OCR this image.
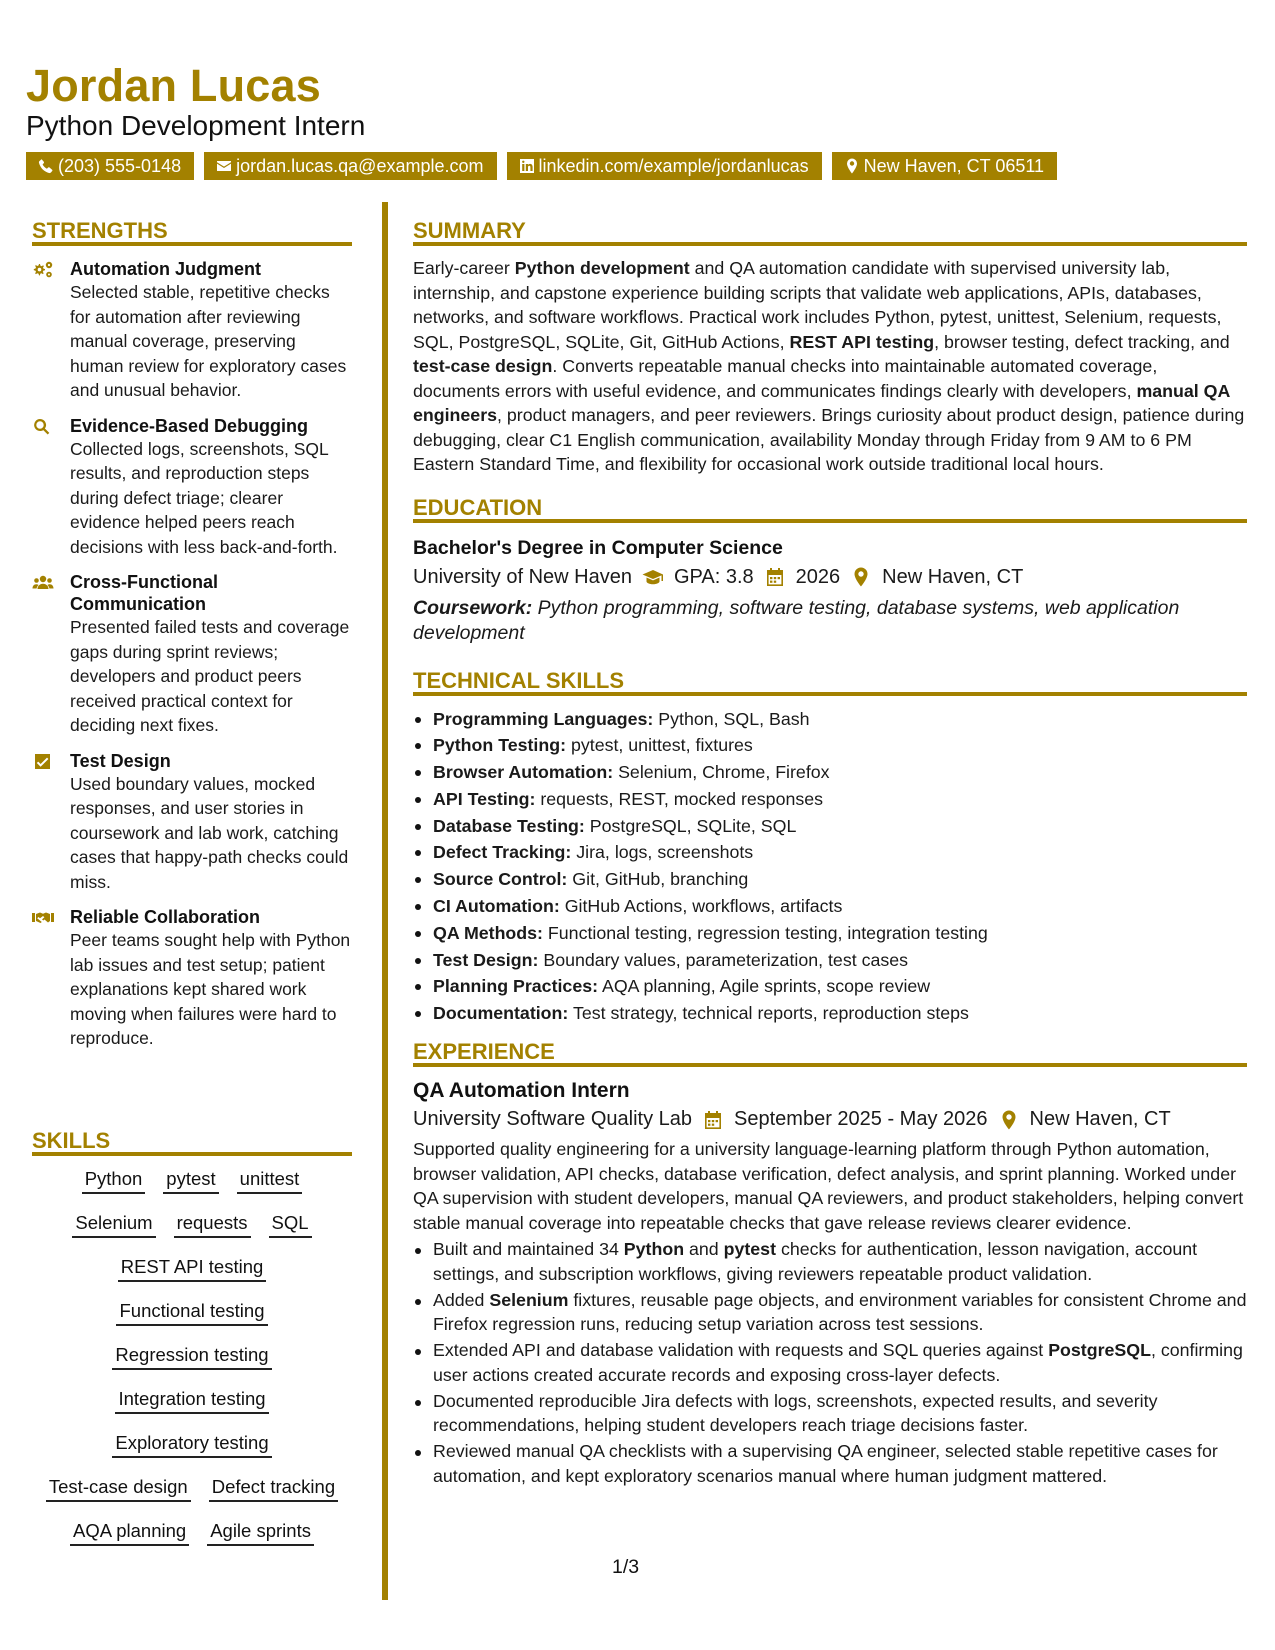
Jordan Lucas
Python Development Intern
(203) 555-0148	jordan.lucas.qa@example.com	linkedin.com/example/jordanlucas	New Haven, CT 06511
STRENGTHS
Automation Judgment
Selected stable, repetitive checks for automation after reviewing manual coverage, preserving human review for exploratory cases and unusual behavior.
Evidence-Based Debugging
Collected logs, screenshots, SQL results, and reproduction steps during defect triage; clearer evidence helped peers reach decisions with less back-and-forth.
Cross-Functional Communication
Presented failed tests and coverage gaps during sprint reviews; developers and product peers received practical context for deciding next fixes.
Test Design
Used boundary values, mocked responses, and user stories in coursework and lab work, catching cases that happy-path checks could miss.
Reliable Collaboration
Peer teams sought help with Python lab issues and test setup; patient explanations kept shared work moving when failures were hard to reproduce.
SKILLS
Python pytest unittest
Selenium requests SQL
REST API testing
Functional testing
Regression testing
Integration testing
Exploratory testing
Test-case design Defect tracking
AQA planning Agile sprints
SUMMARY
Early-career Python development and QA automation candidate with supervised university lab, internship, and capstone experience building scripts that validate web applications, APIs, databases, networks, and software workflows. Practical work includes Python, pytest, unittest, Selenium, requests, SQL, PostgreSQL, SQLite, Git, GitHub Actions, REST API testing, browser testing, defect tracking, and test-case design. Converts repeatable manual checks into maintainable automated coverage, documents errors with useful evidence, and communicates findings clearly with developers, manual QA engineers, product managers, and peer reviewers. Brings curiosity about product design, patience during debugging, clear C1 English communication, availability Monday through Friday from 9 AM to 6 PM Eastern Standard Time, and flexibility for occasional work outside traditional local hours.
EDUCATION
Bachelor's Degree in Computer Science
University of New Haven GPA: 3.8 2026 New Haven, CT
Coursework: Python programming, software testing, database systems, web application development
TECHNICAL SKILLS
Programming Languages: Python, SQL, Bash
Python Testing: pytest, unittest, fixtures
Browser Automation: Selenium, Chrome, Firefox
API Testing: requests, REST, mocked responses
Database Testing: PostgreSQL, SQLite, SQL
Defect Tracking: Jira, logs, screenshots
Source Control: Git, GitHub, branching
CI Automation: GitHub Actions, workflows, artifacts
QA Methods: Functional testing, regression testing, integration testing
Test Design: Boundary values, parameterization, test cases
Planning Practices: AQA planning, Agile sprints, scope review
Documentation: Test strategy, technical reports, reproduction steps
EXPERIENCE
QA Automation Intern
University Software Quality Lab September 2025 - May 2026 New Haven, CT
Supported quality engineering for a university language-learning platform through Python automation, browser validation, API checks, database verification, defect analysis, and sprint planning. Worked under QA supervision with student developers, manual QA reviewers, and product stakeholders, helping convert stable manual coverage into repeatable checks that gave release reviews clearer evidence.
Built and maintained 34 Python and pytest checks for authentication, lesson navigation, account settings, and subscription workflows, giving reviewers repeatable product validation.
Added Selenium fixtures, reusable page objects, and environment variables for consistent Chrome and Firefox regression runs, reducing setup variation across test sessions.
Extended API and database validation with requests and SQL queries against PostgreSQL, confirming user actions created accurate records and exposing cross-layer defects.
Documented reproducible Jira defects with logs, screenshots, expected results, and severity recommendations, helping student developers reach triage decisions faster.
Reviewed manual QA checklists with a supervising QA engineer, selected stable repetitive cases for automation, and kept exploratory scenarios manual where human judgment mattered.
1/3
